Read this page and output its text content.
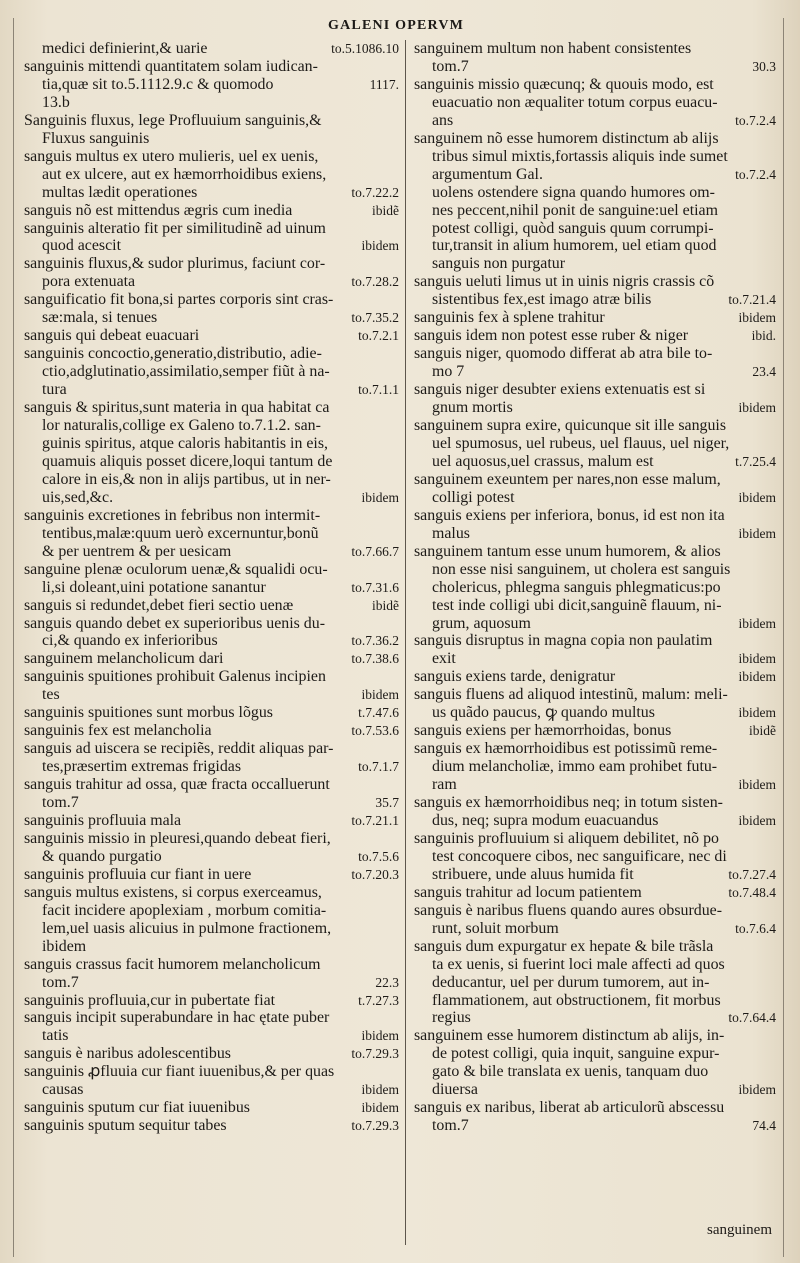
GALENI OPERVM
medici definierint,& uarie	to.5.1086.10
sanguinis mittendi quantitatem solam iudican-
tia,quæ sit to.5.1112.9.c & quomodo	1117.
13.b
Sanguinis fluxus, lege Profluuium sanguinis,&
Fluxus sanguinis
sanguis multus ex utero mulieris, uel ex uenis,
aut ex ulcere, aut ex hæmorrhoidibus exiens,
multas lædit operationes	to.7.22.2
sanguis nõ est mittendus ægris cum inedia	ibidẽ
sanguinis alteratio fit per similitudinẽ ad uinum
quod acescit	ibidem
sanguinis fluxus,& sudor plurimus, faciunt cor-
pora extenuata	to.7.28.2
sanguificatio fit bona,si partes corporis sint cras-
sæ:mala, si tenues	to.7.35.2
sanguis qui debeat euacuari	to.7.2.1
sanguinis concoctio,generatio,distributio, adie-
ctio,adglutinatio,assimilatio,semper fiũt à na-
tura	to.7.1.1
sanguis & spiritus,sunt materia in qua habitat ca
lor naturalis,collige ex Galeno to.7.1.2. san-
guinis spiritus, atque caloris habitantis in eis,
quamuis aliquis posset dicere,loqui tantum de
calore in eis,& non in alijs partibus, ut in ner-
uis,sed,&c.	ibidem
sanguinis excretiones in febribus non intermit-
tentibus,malæ:quum uerò excernuntur,bonũ
& per uentrem & per uesicam	to.7.66.7
sanguine plenæ oculorum uenæ,& squalidi ocu-
li,si doleant,uini potatione sanantur	to.7.31.6
sanguis si redundet,debet fieri sectio uenæ	ibidẽ
sanguis quando debet ex superioribus uenis du-
ci,& quando ex inferioribus	to.7.36.2
sanguinem melancholicum dari	to.7.38.6
sanguinis spuitiones prohibuit Galenus incipien
tes	ibidem
sanguinis spuitiones sunt morbus lõgus	t.7.47.6
sanguinis fex est melancholia	to.7.53.6
sanguis ad uiscera se recipiẽs, reddit aliquas par-
tes,præsertim extremas frigidas	to.7.1.7
sanguis trahitur ad ossa, quæ fracta occalluerunt
tom.7	35.7
sanguinis profluuia mala	to.7.21.1
sanguinis missio in pleuresi,quando debeat fieri,
& quando purgatio	to.7.5.6
sanguinis profluuia cur fiant in uere	to.7.20.3
sanguis multus existens, si corpus exerceamus,
facit incidere apoplexiam , morbum comitia-
lem,uel uasis alicuius in pulmone fractionem,
ibidem
sanguis crassus facit humorem melancholicum
tom.7	22.3
sanguinis profluuia,cur in pubertate fiat	t.7.27.3
sanguis incipit superabundare in hac ętate puber
tatis	ibidem
sanguis è naribus adolescentibus	to.7.29.3
sanguinis ꝓfluuia cur fiant iuuenibus,& per quas
causas	ibidem
sanguinis sputum cur fiat iuuenibus	ibidem
sanguinis sputum sequitur tabes	to.7.29.3
sanguinem multum non habent consistentes
tom.7	30.3
sanguinis missio quæcunq; & quouis modo, est
euacuatio non æqualiter totum corpus euacu-
ans	to.7.2.4
sanguinem nõ esse humorem distinctum ab alijs
tribus simul mixtis,fortassis aliquis inde sumet
argumentum Gal.	to.7.2.4
uolens ostendere signa quando humores om-
nes peccent,nihil ponit de sanguine:uel etiam
potest colligi, quòd sanguis quum corrumpi-
tur,transit in alium humorem, uel etiam quod
sanguis non purgatur
sanguis ueluti limus ut in uinis nigris crassis cõ
sistentibus fex,est imago atræ bilis	to.7.21.4
sanguinis fex à splene trahitur	ibidem
sanguis idem non potest esse ruber & niger	ibid.
sanguis niger, quomodo differat ab atra bile to-
mo 7	23.4
sanguis niger desubter exiens extenuatis est si
gnum mortis	ibidem
sanguinem supra exire, quicunque sit ille sanguis
uel spumosus, uel rubeus, uel flauus, uel niger,
uel aquosus,uel crassus, malum est	t.7.25.4
sanguinem exeuntem per nares,non esse malum,
colligi potest	ibidem
sanguis exiens per inferiora, bonus, id est non ita
malus	ibidem
sanguinem tantum esse unum humorem, & alios
non esse nisi sanguinem, ut cholera est sanguis
cholericus, phlegma sanguis phlegmaticus:po
test inde colligi ubi dicit,sanguinẽ flauum, ni-
grum, aquosum	ibidem
sanguis disruptus in magna copia non paulatim
exit	ibidem
sanguis exiens tarde, denigratur	ibidem
sanguis fluens ad aliquod intestinũ, malum: meli-
us quãdo paucus, ꝙ quando multus	ibidem
sanguis exiens per hæmorrhoidas, bonus	ibidẽ
sanguis ex hæmorrhoidibus est potissimũ reme-
dium melancholiæ, immo eam prohibet futu-
ram	ibidem
sanguis ex hæmorrhoidibus neq; in totum sisten-
dus, neq; supra modum euacuandus	ibidem
sanguinis profluuium si aliquem debilitet, nõ po
test concoquere cibos, nec sanguificare, nec di
stribuere, unde aluus humida fit	to.7.27.4
sanguis trahitur ad locum patientem	to.7.48.4
sanguis è naribus fluens quando aures obsurdue-
runt, soluit morbum	to.7.6.4
sanguis dum expurgatur ex hepate & bile trãsla
ta ex uenis, si fuerint loci male affecti ad quos
deducantur, uel per durum tumorem, aut in-
flammationem, aut obstructionem, fit morbus
regius	to.7.64.4
sanguinem esse humorem distinctum ab alijs, in-
de potest colligi, quia inquit, sanguine expur-
gato & bile translata ex uenis, tanquam duo
diuersa	ibidem
sanguis ex naribus, liberat ab articulorũ abscessu
tom.7	74.4
sanguinem
